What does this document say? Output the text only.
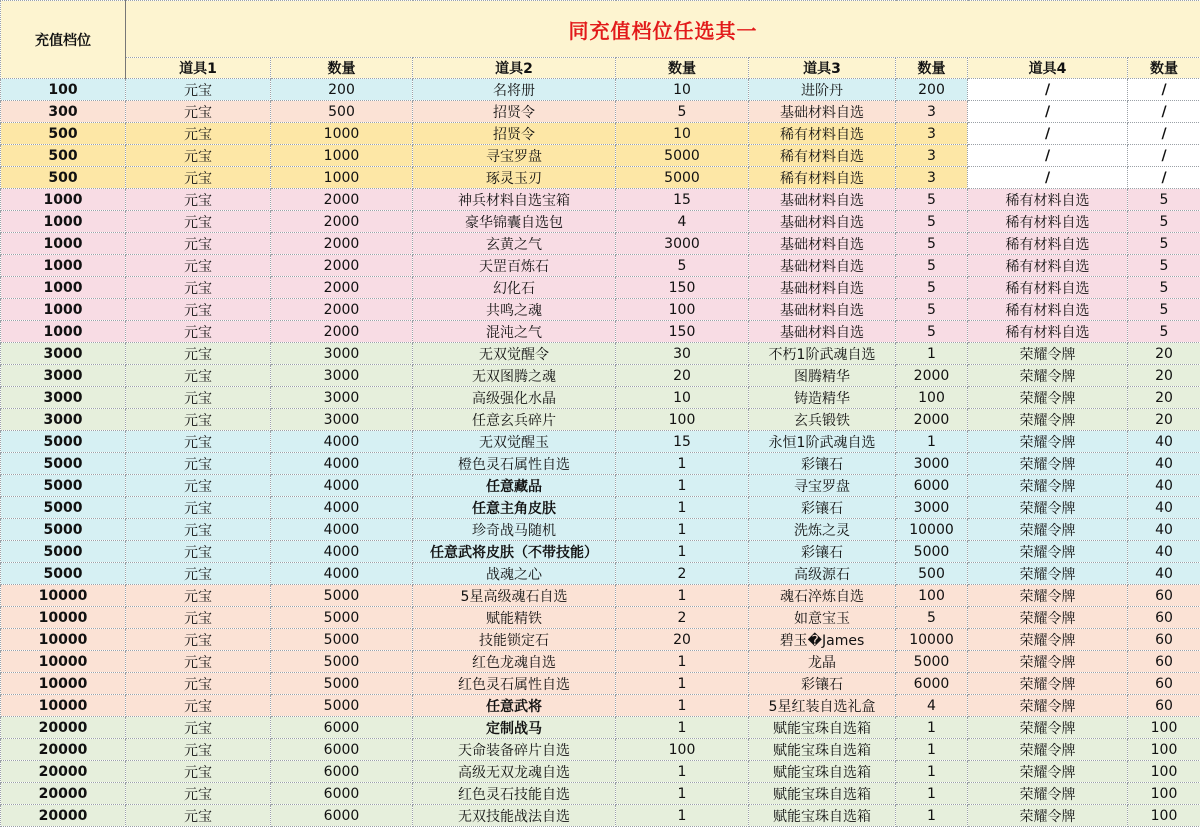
充值档位	同充值档位任选其一							
	道具1	数量	道具2	数量	道具3	数量	道具4	数量
100	元宝	200	名将册	10	进阶丹	200	/	/
300	元宝	500	招贤令	5	基础材料自选	3	/	/
500	元宝	1000	招贤令	10	稀有材料自选	3	/	/
500	元宝	1000	寻宝罗盘	5000	稀有材料自选	3	/	/
500	元宝	1000	琢灵玉刃	5000	稀有材料自选	3	/	/
1000	元宝	2000	神兵材料自选宝箱	15	基础材料自选	5	稀有材料自选	5
1000	元宝	2000	豪华锦囊自选包	4	基础材料自选	5	稀有材料自选	5
1000	元宝	2000	玄黄之气	3000	基础材料自选	5	稀有材料自选	5
1000	元宝	2000	天罡百炼石	5	基础材料自选	5	稀有材料自选	5
1000	元宝	2000	幻化石	150	基础材料自选	5	稀有材料自选	5
1000	元宝	2000	共鸣之魂	100	基础材料自选	5	稀有材料自选	5
1000	元宝	2000	混沌之气	150	基础材料自选	5	稀有材料自选	5
3000	元宝	3000	无双觉醒令	30	不朽1阶武魂自选	1	荣耀令牌	20
3000	元宝	3000	无双图腾之魂	20	图腾精华	2000	荣耀令牌	20
3000	元宝	3000	高级强化水晶	10	铸造精华	100	荣耀令牌	20
3000	元宝	3000	任意玄兵碎片	100	玄兵锻铁	2000	荣耀令牌	20
5000	元宝	4000	无双觉醒玉	15	永恒1阶武魂自选	1	荣耀令牌	40
5000	元宝	4000	橙色灵石属性自选	1	彩镶石	3000	荣耀令牌	40
5000	元宝	4000	任意藏品	1	寻宝罗盘	6000	荣耀令牌	40
5000	元宝	4000	任意主角皮肤	1	彩镶石	3000	荣耀令牌	40
5000	元宝	4000	珍奇战马随机	1	洗炼之灵	10000	荣耀令牌	40
5000	元宝	4000	任意武将皮肤（不带技能）	1	彩镶石	5000	荣耀令牌	40
5000	元宝	4000	战魂之心	2	高级源石	500	荣耀令牌	40
10000	元宝	5000	5星高级魂石自选	1	魂石淬炼自选	100	荣耀令牌	60
10000	元宝	5000	赋能精铁	2	如意宝玉	5	荣耀令牌	60
10000	元宝	5000	技能锁定石	20	碧玉�James	10000	荣耀令牌	60
10000	元宝	5000	红色龙魂自选	1	龙晶	5000	荣耀令牌	60
10000	元宝	5000	红色灵石属性自选	1	彩镶石	6000	荣耀令牌	60
10000	元宝	5000	任意武将	1	5星红装自选礼盒	4	荣耀令牌	60
20000	元宝	6000	定制战马	1	赋能宝珠自选箱	1	荣耀令牌	100
20000	元宝	6000	天命装备碎片自选	100	赋能宝珠自选箱	1	荣耀令牌	100
20000	元宝	6000	高级无双龙魂自选	1	赋能宝珠自选箱	1	荣耀令牌	100
20000	元宝	6000	红色灵石技能自选	1	赋能宝珠自选箱	1	荣耀令牌	100
20000	元宝	6000	无双技能战法自选	1	赋能宝珠自选箱	1	荣耀令牌	100
